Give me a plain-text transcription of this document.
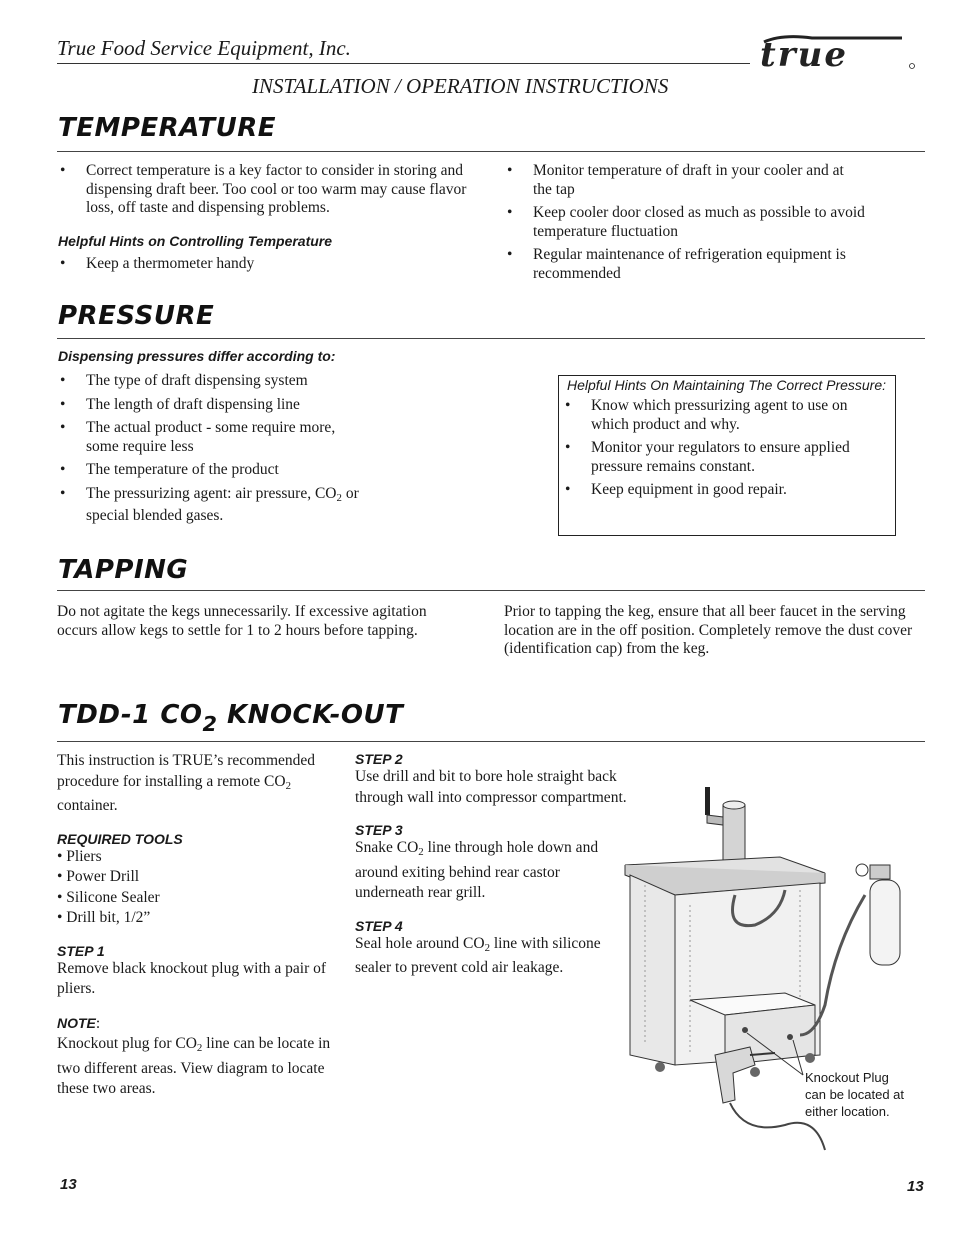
True Food Service Equipment, Inc.	true
INSTALLATION / OPERATION INSTRUCTIONS
TEMPERATURE
• Correct temperature is a key factor to consider in storing and dispensing draft beer. Too cool or too warm may cause flavor loss, off taste and dispensing problems.
Helpful Hints on Controlling Temperature
• Keep a thermometer handy
• Monitor temperature of draft in your cooler and at the tap
• Keep cooler door closed as much as possible to avoid temperature fluctuation
• Regular maintenance of refrigeration equipment is recommended
PRESSURE
Dispensing pressures differ according to:
• The type of draft dispensing system
• The length of draft dispensing line
• The actual product - some require more, some require less
• The temperature of the product
• The pressurizing agent: air pressure, $CO_2$ or special blended gases.
Helpful Hints On Maintaining The Correct Pressure:
• Know which pressurizing agent to use on which product and why.
• Monitor your regulators to ensure applied pressure remains constant.
• Keep equipment in good repair.
TAPPING
Do not agitate the kegs unnecessarily. If excessive agitation occurs allow kegs to settle for 1 to 2 hours before tapping.
Prior to tapping the keg, ensure that all beer faucet in the serving location are in the off position. Completely remove the dust cover (identification cap) from the keg.
TDD-1 $CO_2$ KNOCK-OUT
This instruction is TRUE’s recommended procedure for installing a remote $CO_2$ container.
REQUIRED TOOLS
• Pliers
• Power Drill
• Silicone Sealer
• Drill bit, 1/2”
STEP 1
Remove black knockout plug with a pair of pliers.
NOTE:
Knockout plug for $CO_2$ line can be locate in two different areas. View diagram to locate these two areas.
STEP 2
Use drill and bit to bore hole straight back through wall into compressor compartment.
STEP 3
Snake $CO_2$ line through hole down and around exiting behind rear castor underneath rear grill.
STEP 4
Seal hole around $CO_2$ line with silicone sealer to prevent cold air leakage.
Knockout Plug
can be located at
either location.
13	13
